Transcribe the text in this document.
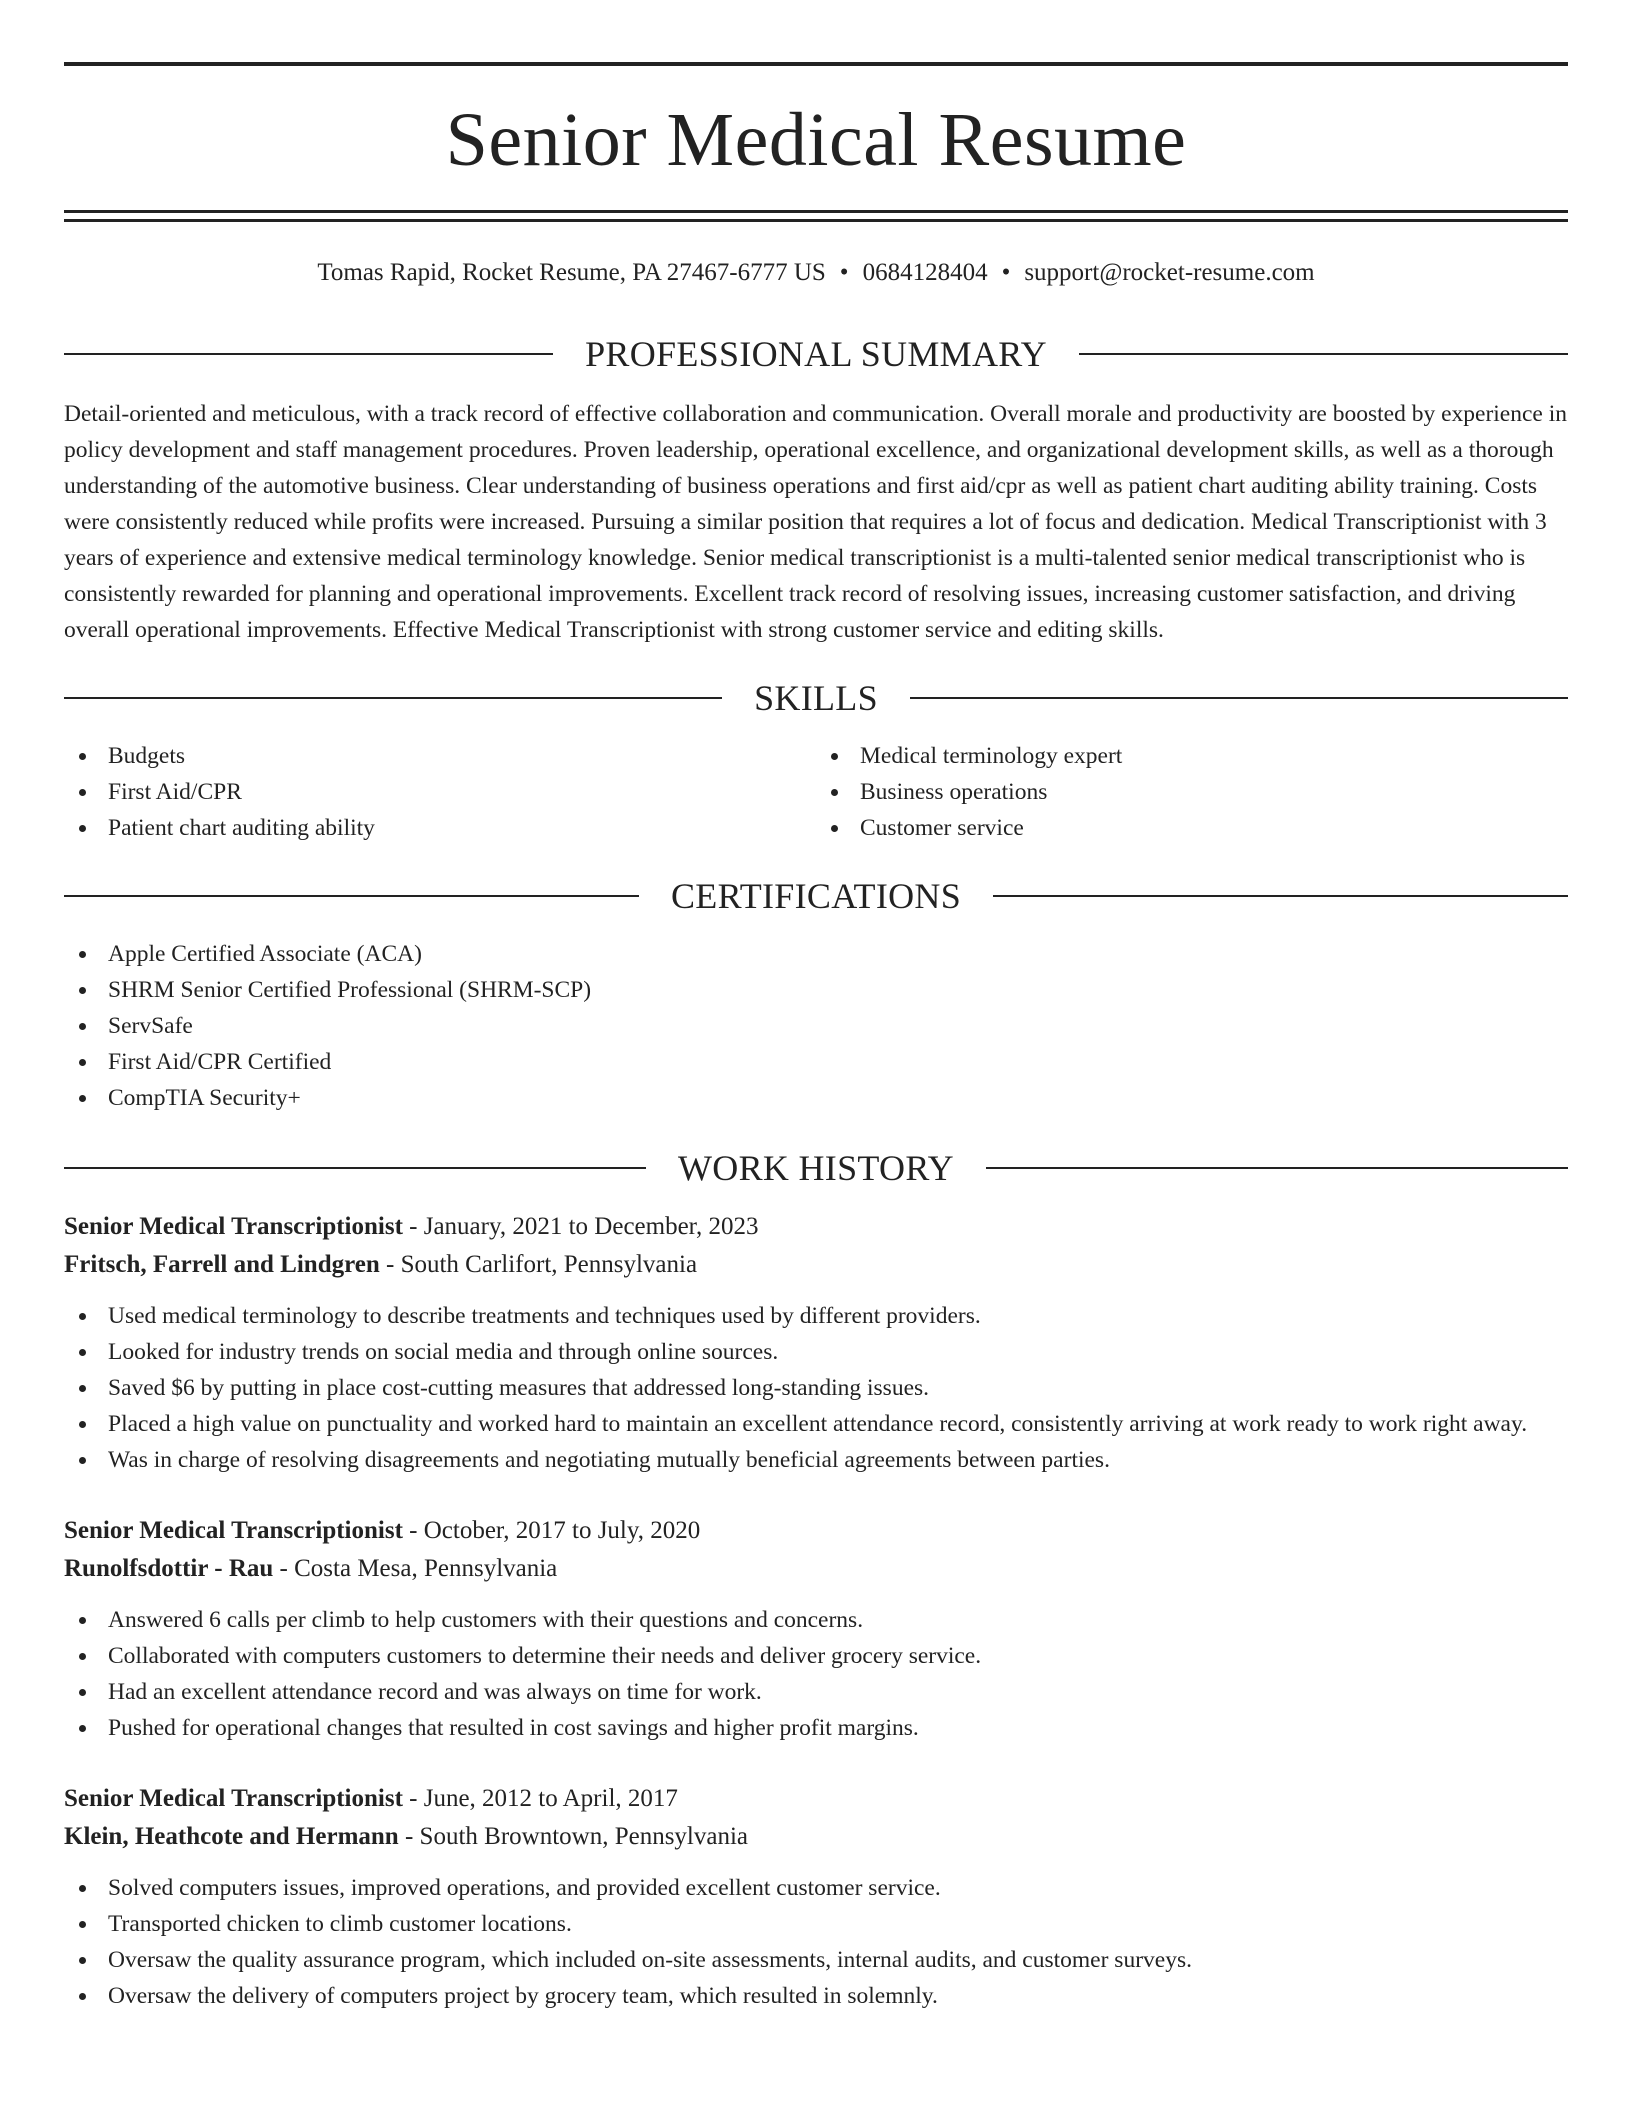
Senior Medical Resume
Tomas Rapid, Rocket Resume, PA 27467-6777 US • 0684128404 • support@rocket-resume.com
PROFESSIONAL SUMMARY

Detail-oriented and meticulous, with a track record of effective collaboration and communication. Overall morale and productivity are boosted by experience in policy development and staff management procedures. Proven leadership, operational excellence, and organizational development skills, as well as a thorough understanding of the automotive business. Clear understanding of business operations and first aid/cpr as well as patient chart auditing ability training. Costs were consistently reduced while profits were increased. Pursuing a similar position that requires a lot of focus and dedication. Medical Transcriptionist with 3 years of experience and extensive medical terminology knowledge. Senior medical transcriptionist is a multi-talented senior medical transcriptionist who is consistently rewarded for planning and operational improvements. Excellent track record of resolving issues, increasing customer satisfaction, and driving overall operational improvements. Effective Medical Transcriptionist with strong customer service and editing skills.

SKILLS
Budgets
First Aid/CPR
Patient chart auditing ability
Medical terminology expert
Business operations
Customer service
CERTIFICATIONS
Apple Certified Associate (ACA)
SHRM Senior Certified Professional (SHRM-SCP)
ServSafe
First Aid/CPR Certified
CompTIA Security+
WORK HISTORY
Senior Medical Transcriptionist - January, 2021 to December, 2023
Fritsch, Farrell and Lindgren - South Carlifort, Pennsylvania
Used medical terminology to describe treatments and techniques used by different providers.
Looked for industry trends on social media and through online sources.
Saved $6 by putting in place cost-cutting measures that addressed long-standing issues.
Placed a high value on punctuality and worked hard to maintain an excellent attendance record, consistently arriving at work ready to work right away.
Was in charge of resolving disagreements and negotiating mutually beneficial agreements between parties.
Senior Medical Transcriptionist - October, 2017 to July, 2020
Runolfsdottir - Rau - Costa Mesa, Pennsylvania
Answered 6 calls per climb to help customers with their questions and concerns.
Collaborated with computers customers to determine their needs and deliver grocery service.
Had an excellent attendance record and was always on time for work.
Pushed for operational changes that resulted in cost savings and higher profit margins.
Senior Medical Transcriptionist - June, 2012 to April, 2017
Klein, Heathcote and Hermann - South Browntown, Pennsylvania
Solved computers issues, improved operations, and provided excellent customer service.
Transported chicken to climb customer locations.
Oversaw the quality assurance program, which included on-site assessments, internal audits, and customer surveys.
Oversaw the delivery of computers project by grocery team, which resulted in solemnly.
